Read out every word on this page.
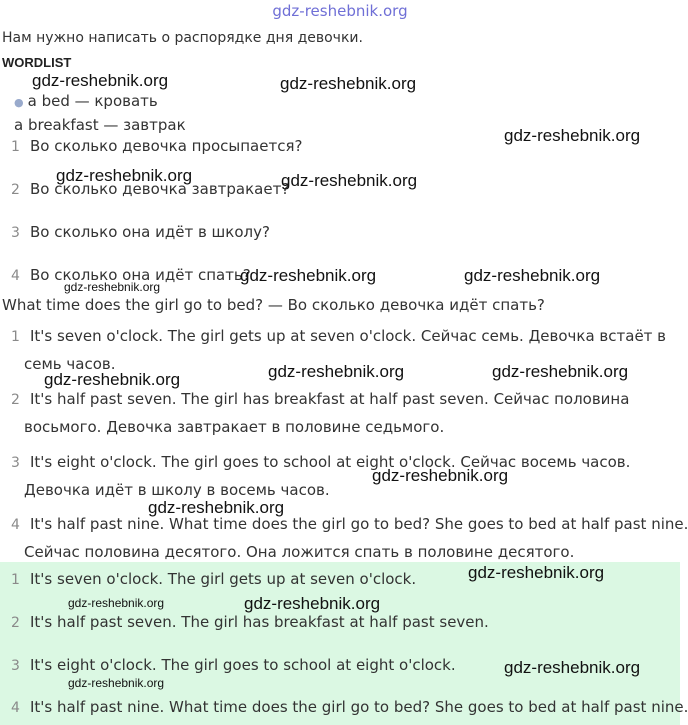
gdz-reshebnik.org
Нам нужно написать о распорядке дня девочки.
WORDLIST
● a bed — кровать
a breakfast — завтрак
1 Во сколько девочка просыпается?
2 Во сколько девочка завтракает?
3 Во сколько она идёт в школу?
4 Во сколько она идёт спать?
What time does the girl go to bed? — Во сколько девочка идёт спать?
1 It's seven o'clock. The girl gets up at seven o'clock. Сейчас семь. Девочка встаёт в
семь часов.
2 It's half past seven. The girl has breakfast at half past seven. Сейчас половина
восьмого. Девочка завтракает в половине седьмого.
3 It's eight o'clock. The girl goes to school at eight o'clock. Сейчас восемь часов.
Девочка идёт в школу в восемь часов.
4 It's half past nine. What time does the girl go to bed? She goes to bed at half past nine.
Сейчас половина десятого. Она ложится спать в половине десятого.
1 It's seven o'clock. The girl gets up at seven o'clock.
2 It's half past seven. The girl has breakfast at half past seven.
3 It's eight o'clock. The girl goes to school at eight o'clock.
4 It's half past nine. What time does the girl go to bed? She goes to bed at half past nine.
gdz-reshebnik.org	gdz-reshebnik.org
gdz-reshebnik.org
gdz-reshebnik.org	gdz-reshebnik.org
gdz-reshebnik.org	gdz-reshebnik.org
gdz-reshebnik.org
gdz-reshebnik.org	gdz-reshebnik.org
gdz-reshebnik.org
gdz-reshebnik.org
gdz-reshebnik.org
gdz-reshebnik.org
gdz-reshebnik.org	gdz-reshebnik.org
gdz-reshebnik.org
gdz-reshebnik.org
